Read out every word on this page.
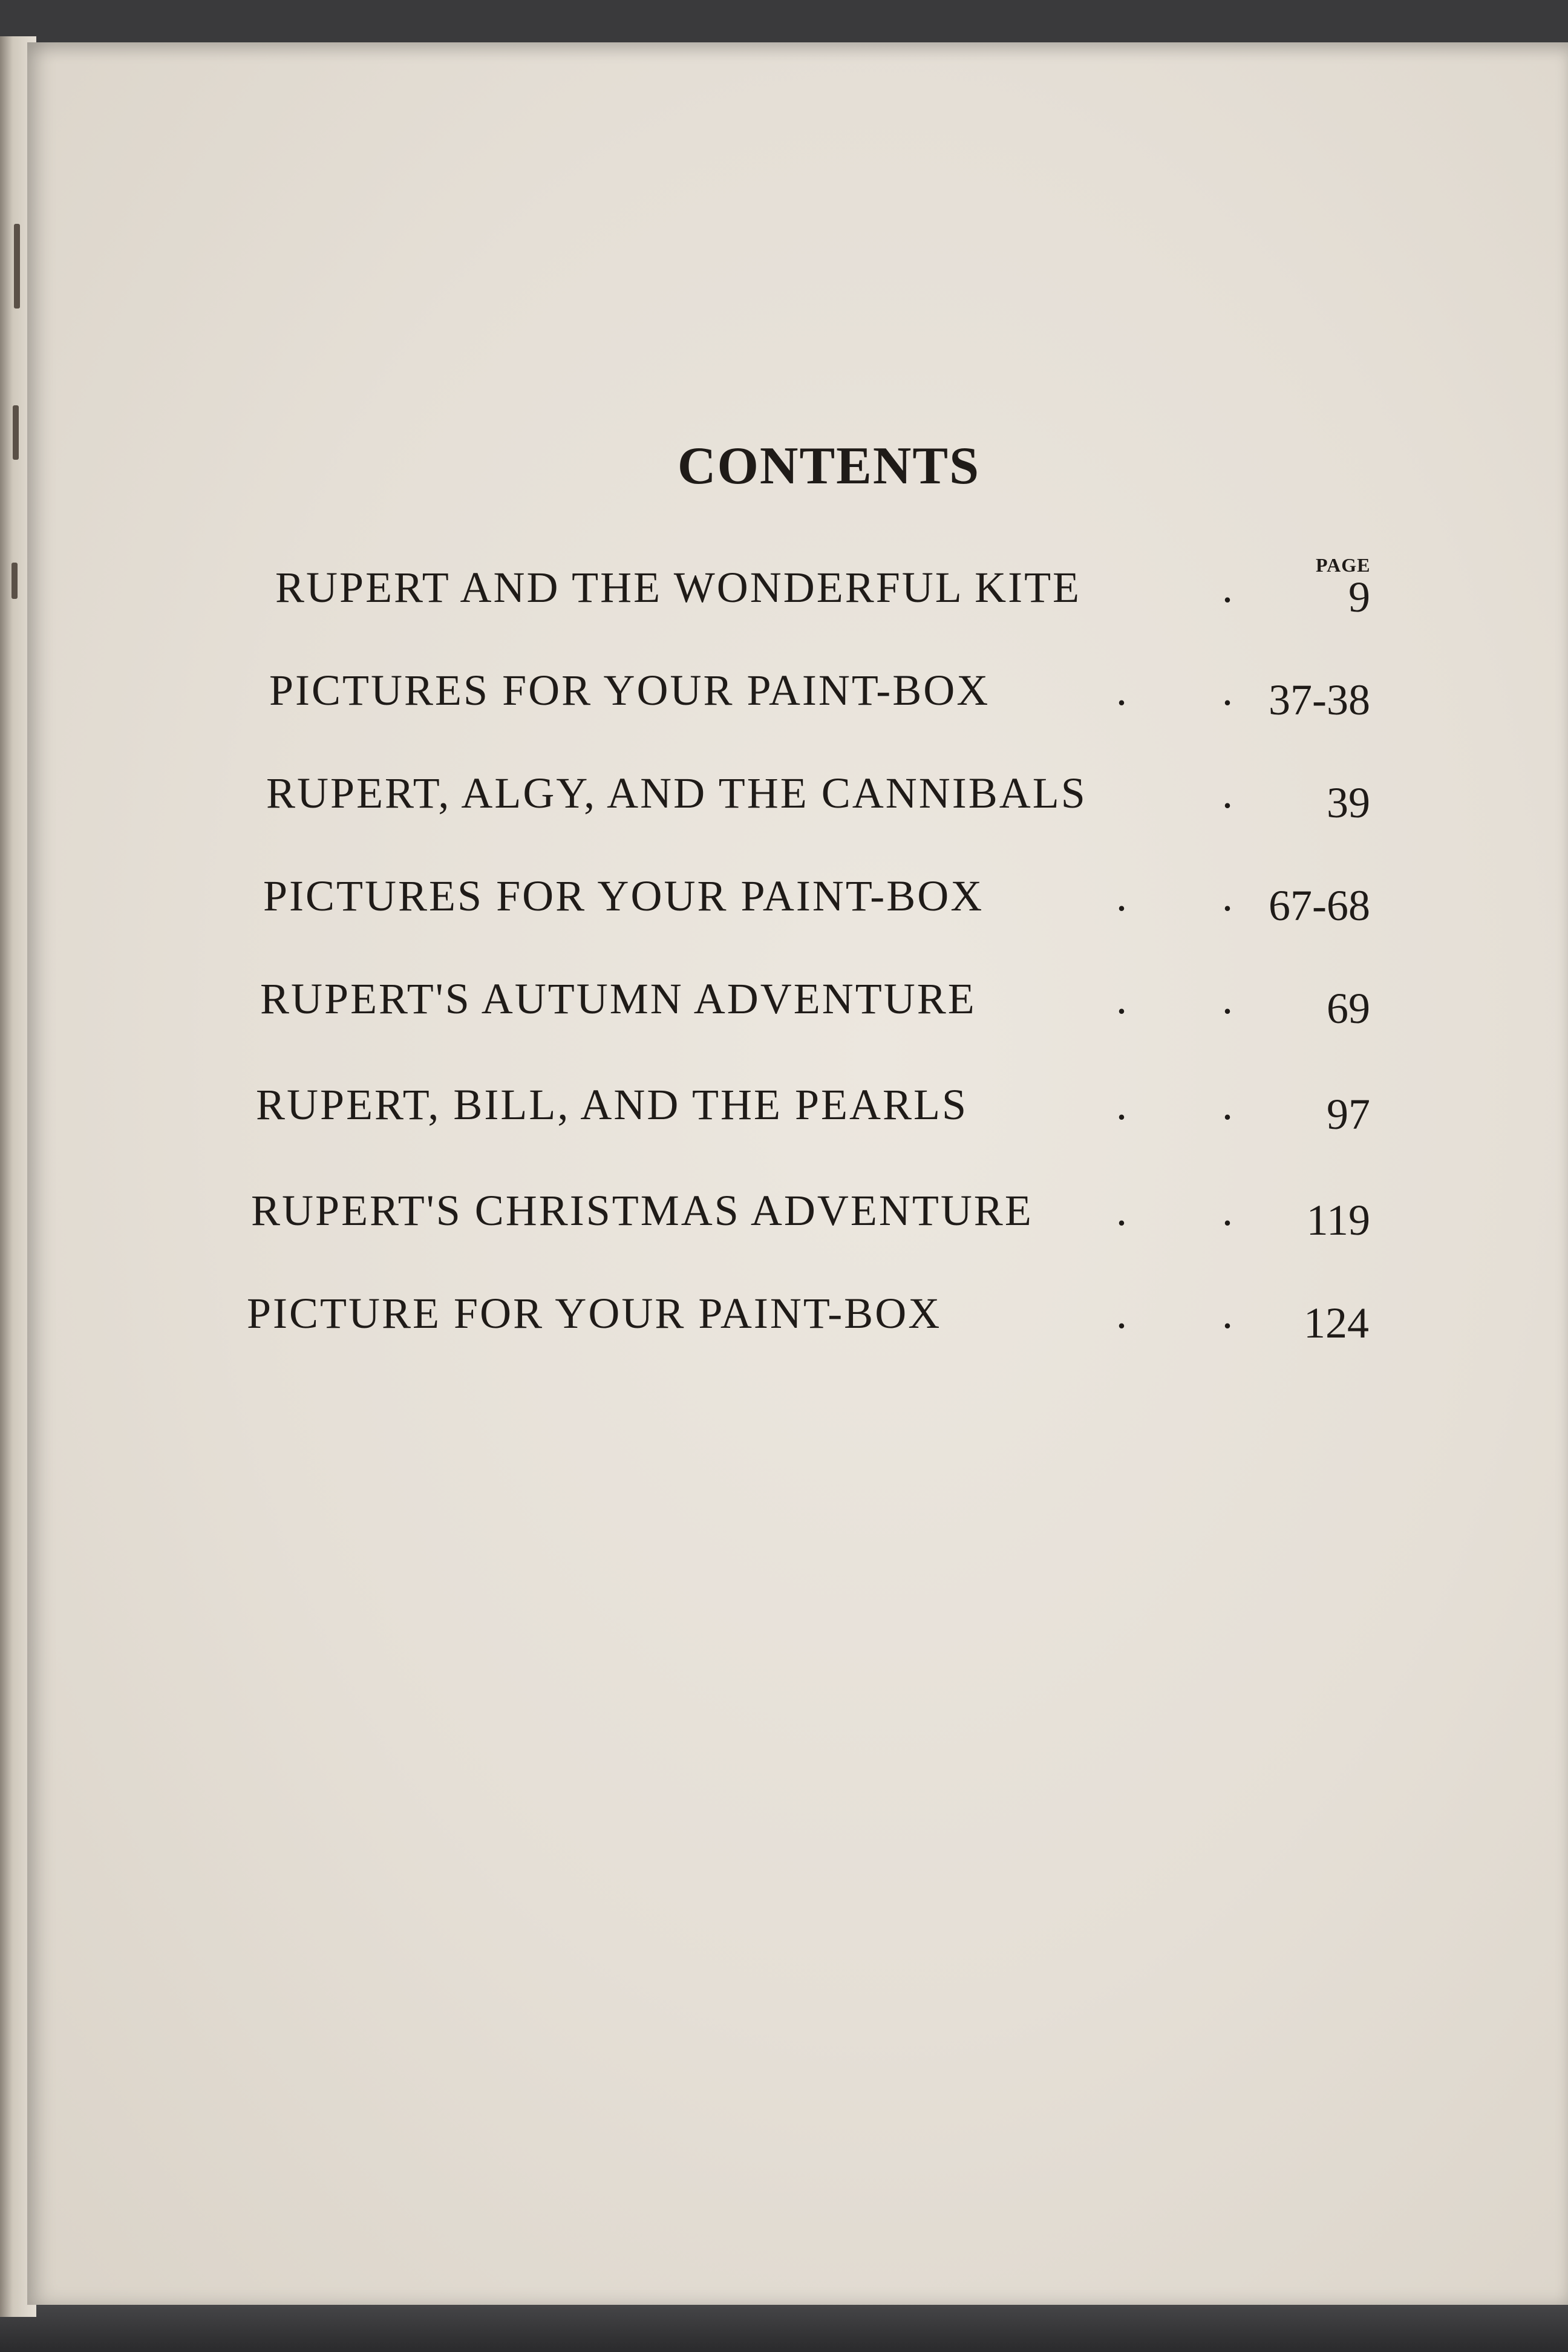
CONTENTS
PAGE
RUPERT AND THE WONDERFUL KITE	.	9
PICTURES FOR YOUR PAINT-BOX	. . 37-38
RUPERT, ALGY, AND THE CANNIBALS	. 39
PICTURES FOR YOUR PAINT-BOX	. . 67-68
RUPERT'S AUTUMN ADVENTURE	. . 69
RUPERT, BILL, AND THE PEARLS	. . 97
RUPERT'S CHRISTMAS ADVENTURE . . 119
PICTURE FOR YOUR PAINT-BOX	. . 124
